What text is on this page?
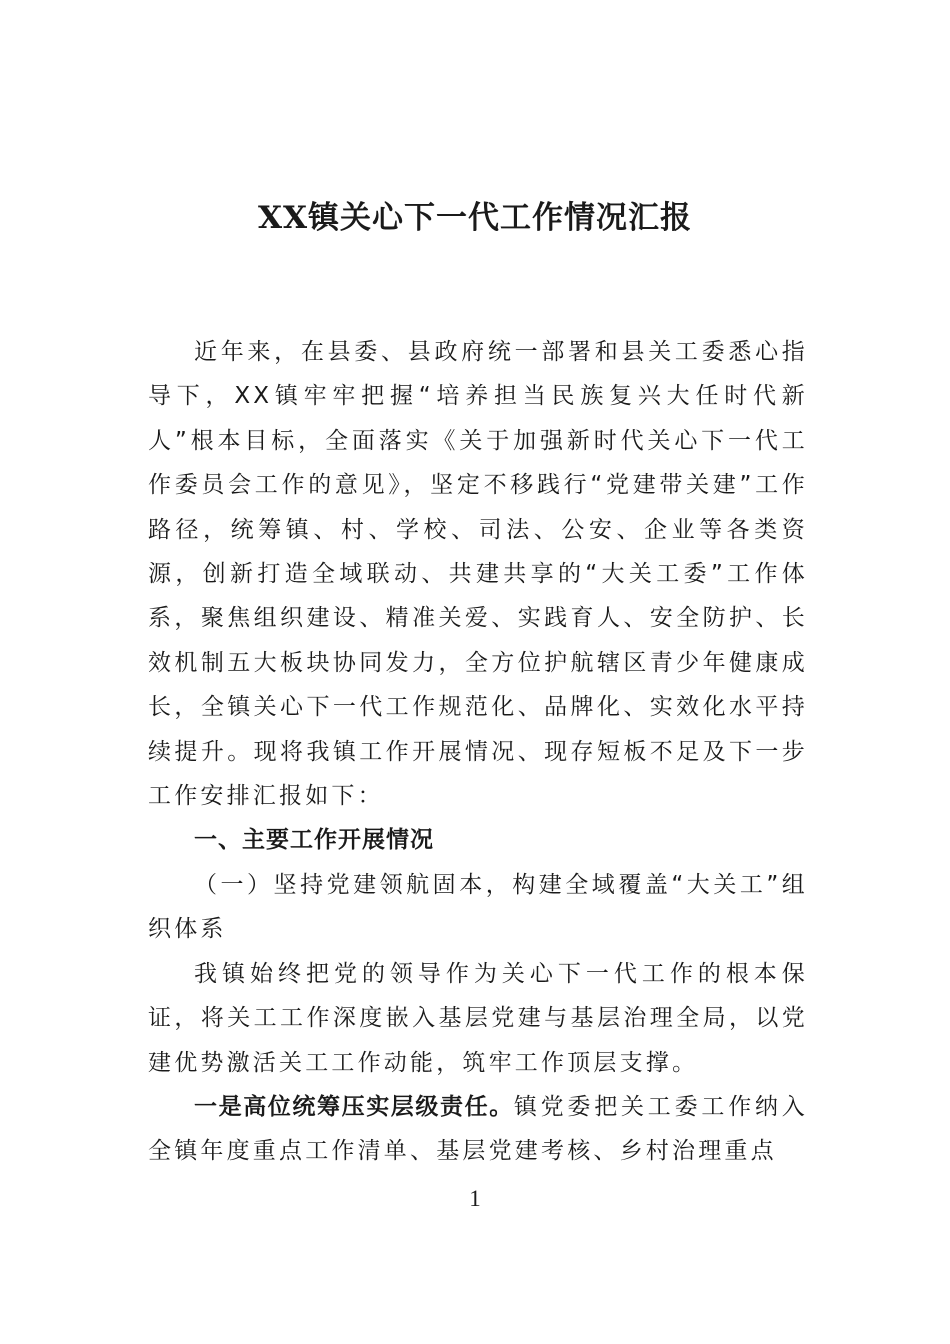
XX镇关心下一代工作情况汇报

近年来，在县委、县政府统一部署和县关工委悉心指导下，XX镇牢牢把握“培养担当民族复兴大任时代新人”根本目标，全面落实《关于加强新时代关心下一代工作委员会工作的意见》，坚定不移践行“党建带关建”工作路径，统筹镇、村、学校、司法、公安、企业等各类资源，创新打造全域联动、共建共享的“大关工委”工作体系，聚焦组织建设、精准关爱、实践育人、安全防护、长效机制五大板块协同发力，全方位护航辖区青少年健康成长，全镇关心下一代工作规范化、品牌化、实效化水平持续提升。现将我镇工作开展情况、现存短板不足及下一步工作安排汇报如下：

一、主要工作开展情况

（一）坚持党建领航固本，构建全域覆盖“大关工”组织体系

我镇始终把党的领导作为关心下一代工作的根本保证，将关工工作深度嵌入基层党建与基层治理全局，以党建优势激活关工工作动能，筑牢工作顶层支撑。

一是高位统筹压实层级责任。镇党委把关工委工作纳入全镇年度重点工作清单、基层党建考核、乡村治理重点

1
